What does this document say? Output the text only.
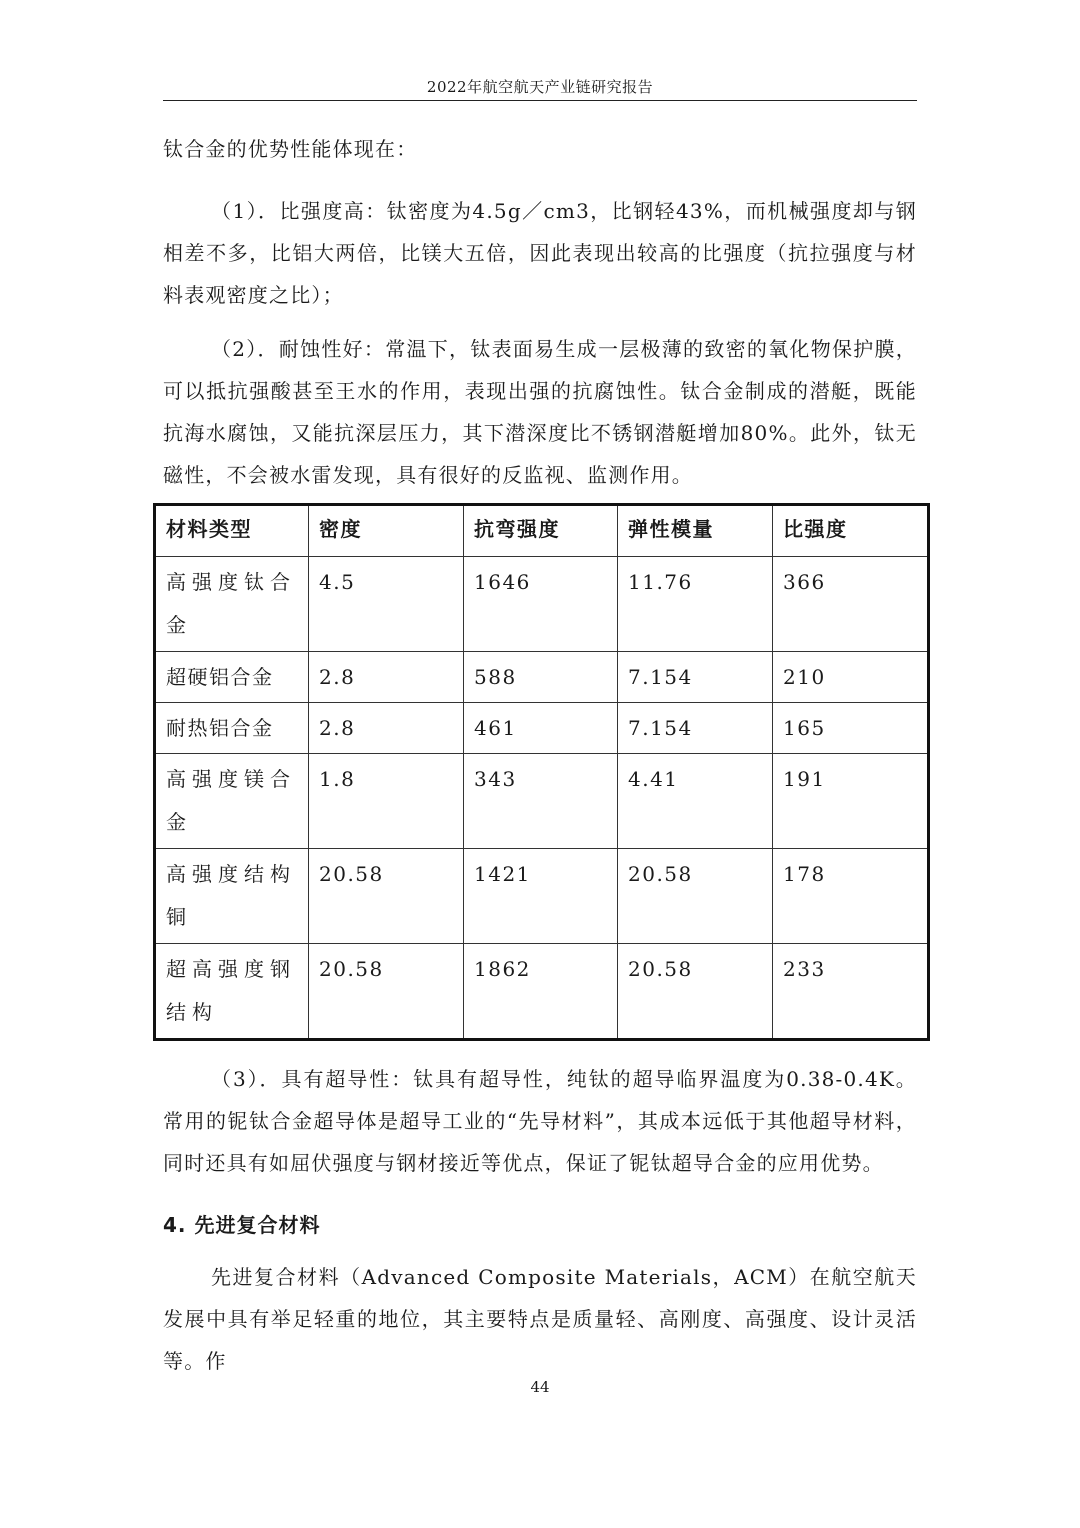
2022年航空航天产业链研究报告

钛合金的优势性能体现在：

（1）．比强度高：钛密度为4.5g／cm3，比钢轻43%，而机械强度却与钢相差不多，比铝大两倍，比镁大五倍，因此表现出较高的比强度（抗拉强度与材料表观密度之比）；

（2）．耐蚀性好：常温下，钛表面易生成一层极薄的致密的氧化物保护膜，可以抵抗强酸甚至王水的作用，表现出强的抗腐蚀性。钛合金制成的潜艇，既能抗海水腐蚀，又能抗深层压力，其下潜深度比不锈钢潜艇增加80%。此外，钛无磁性，不会被水雷发现，具有很好的反监视、监测作用。

材料类型	密度	抗弯强度	弹性模量	比强度
高强度钛合金	4.5	1646	11.76	366
超硬铝合金	2.8	588	7.154	210
耐热铝合金	2.8	461	7.154	165
高强度镁合金	1.8	343	4.41	191
高强度结构铜	20.58	1421	20.58	178
超高强度钢结构	20.58	1862	20.58	233

（3）．具有超导性：钛具有超导性，纯钛的超导临界温度为0.38-0.4K。常用的铌钛合金超导体是超导工业的“先导材料”，其成本远低于其他超导材料，同时还具有如屈伏强度与钢材接近等优点，保证了铌钛超导合金的应用优势。

4. 先进复合材料

先进复合材料（Advanced Composite Materials，ACM）在航空航天发展中具有举足轻重的地位，其主要特点是质量轻、高刚度、高强度、设计灵活等。作

44
